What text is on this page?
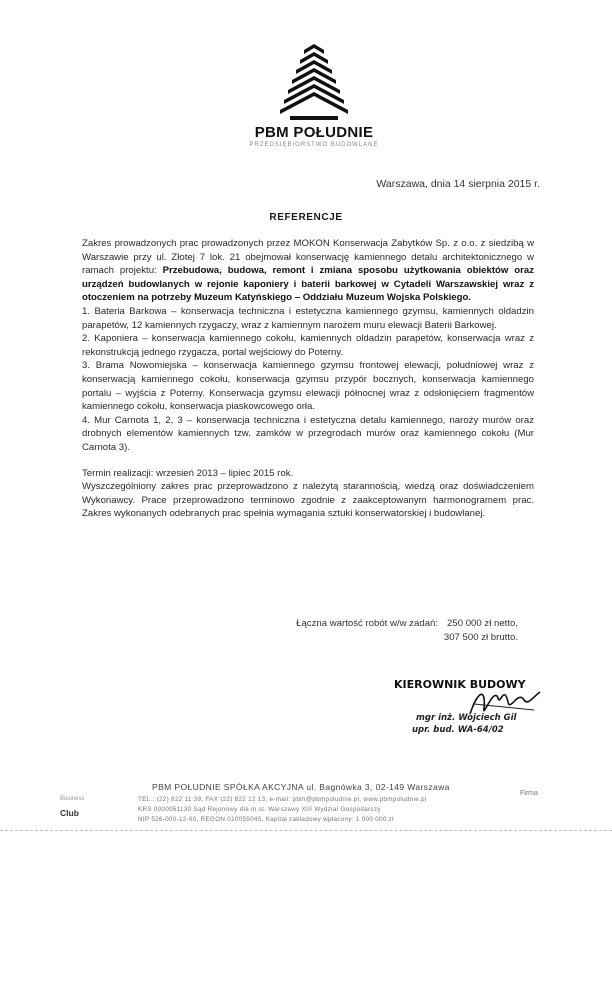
PBM POŁUDNIE
PRZEDSIĘBIORSTWO BUDOWLANE
Warszawa, dnia 14 sierpnia 2015 r.
REFERENCJE

Zakres prowadzonych prac prowadzonych przez MOKON Konserwacja Zabytków Sp. z o.o. z siedzibą w Warszawie przy ul. Złotej 7 lok. 21 obejmował konserwację kamiennego detalu architektonicznego w ramach projektu: Przebudowa, budowa, remont i zmiana sposobu użytkowania obiektów oraz urządzeń budowlanych w rejonie kaponiery i baterii barkowej w Cytadeli Warszawskiej wraz z otoczeniem na potrzeby Muzeum Katyńskiego – Oddziału Muzeum Wojska Polskiego.

1. Bateria Barkowa – konserwacja techniczna i estetyczna kamiennego gzymsu, kamiennych oldadzin parapetów, 12 kamiennych rzygaczy, wraz z kamiennym narożem muru elewacji Baterii Barkowej.

2. Kaponiera – konserwacja kamiennego cokołu, kamiennych oldadzin parapetów, konserwacja wraz z rekonstrukcją jednego rzygacza, portal wejściowy do Poterny.

3. Brama Nowomiejska – konserwacja kamiennego gzymsu frontowej elewacji, południowej wraz z konserwacją kamiennego cokołu, konserwacja gzymsu przypór bocznych, konserwacja kamiennego portalu – wyjścia z Poterny. Konserwacja gzymsu elewacji północnej wraz z odsłonięciem fragmentów kamiennego cokołu, konserwacja piaskowcowego orła.

4. Mur Carnota 1, 2, 3 – konserwacja techniczna i estetyczna detalu kamiennego, naroży murów oraz drobnych elementów kamiennych tzw. zamków w przegrodach murów oraz kamiennego cokołu (Mur Carnota 3).

Termin realizacji: wrzesień 2013 – lipiec 2015 rok.

Wyszczególniony zakres prac przeprowadzono z należytą starannością, wiedzą oraz doświadczeniem Wykonawcy. Prace przeprowadzono terminowo zgodnie z zaakceptowanym harmonogramem prac. Zakres wykonanych odebranych prac spełnia wymagania sztuki konserwatorskiej i budowlanej.

Łączna wartość robót w/w zadań: 250 000 zł netto,
307 500 zł brutto.
KIEROWNIK BUDOWY
mgr inż. Wojciech Gil
upr. bud. WA-64/02
Business
Club
PBM POŁUDNIE SPÓŁKA AKCYJNA ul. Bagnówka 3, 02-149 Warszawa
TEL.: (22) 822 11 39, FAX (22) 822 12 13, e-mail: pbm@pbmpoludnie.pl, www.pbmpoludnie.pl
KRS 0000051130 Sąd Rejonowy dla m.st. Warszawy XIII Wydział Gospodarczy
NIP 526-000-12-60, REGON 010055045, Kapitał zakładowy wpłacony: 1 000 000 zł
Firma
